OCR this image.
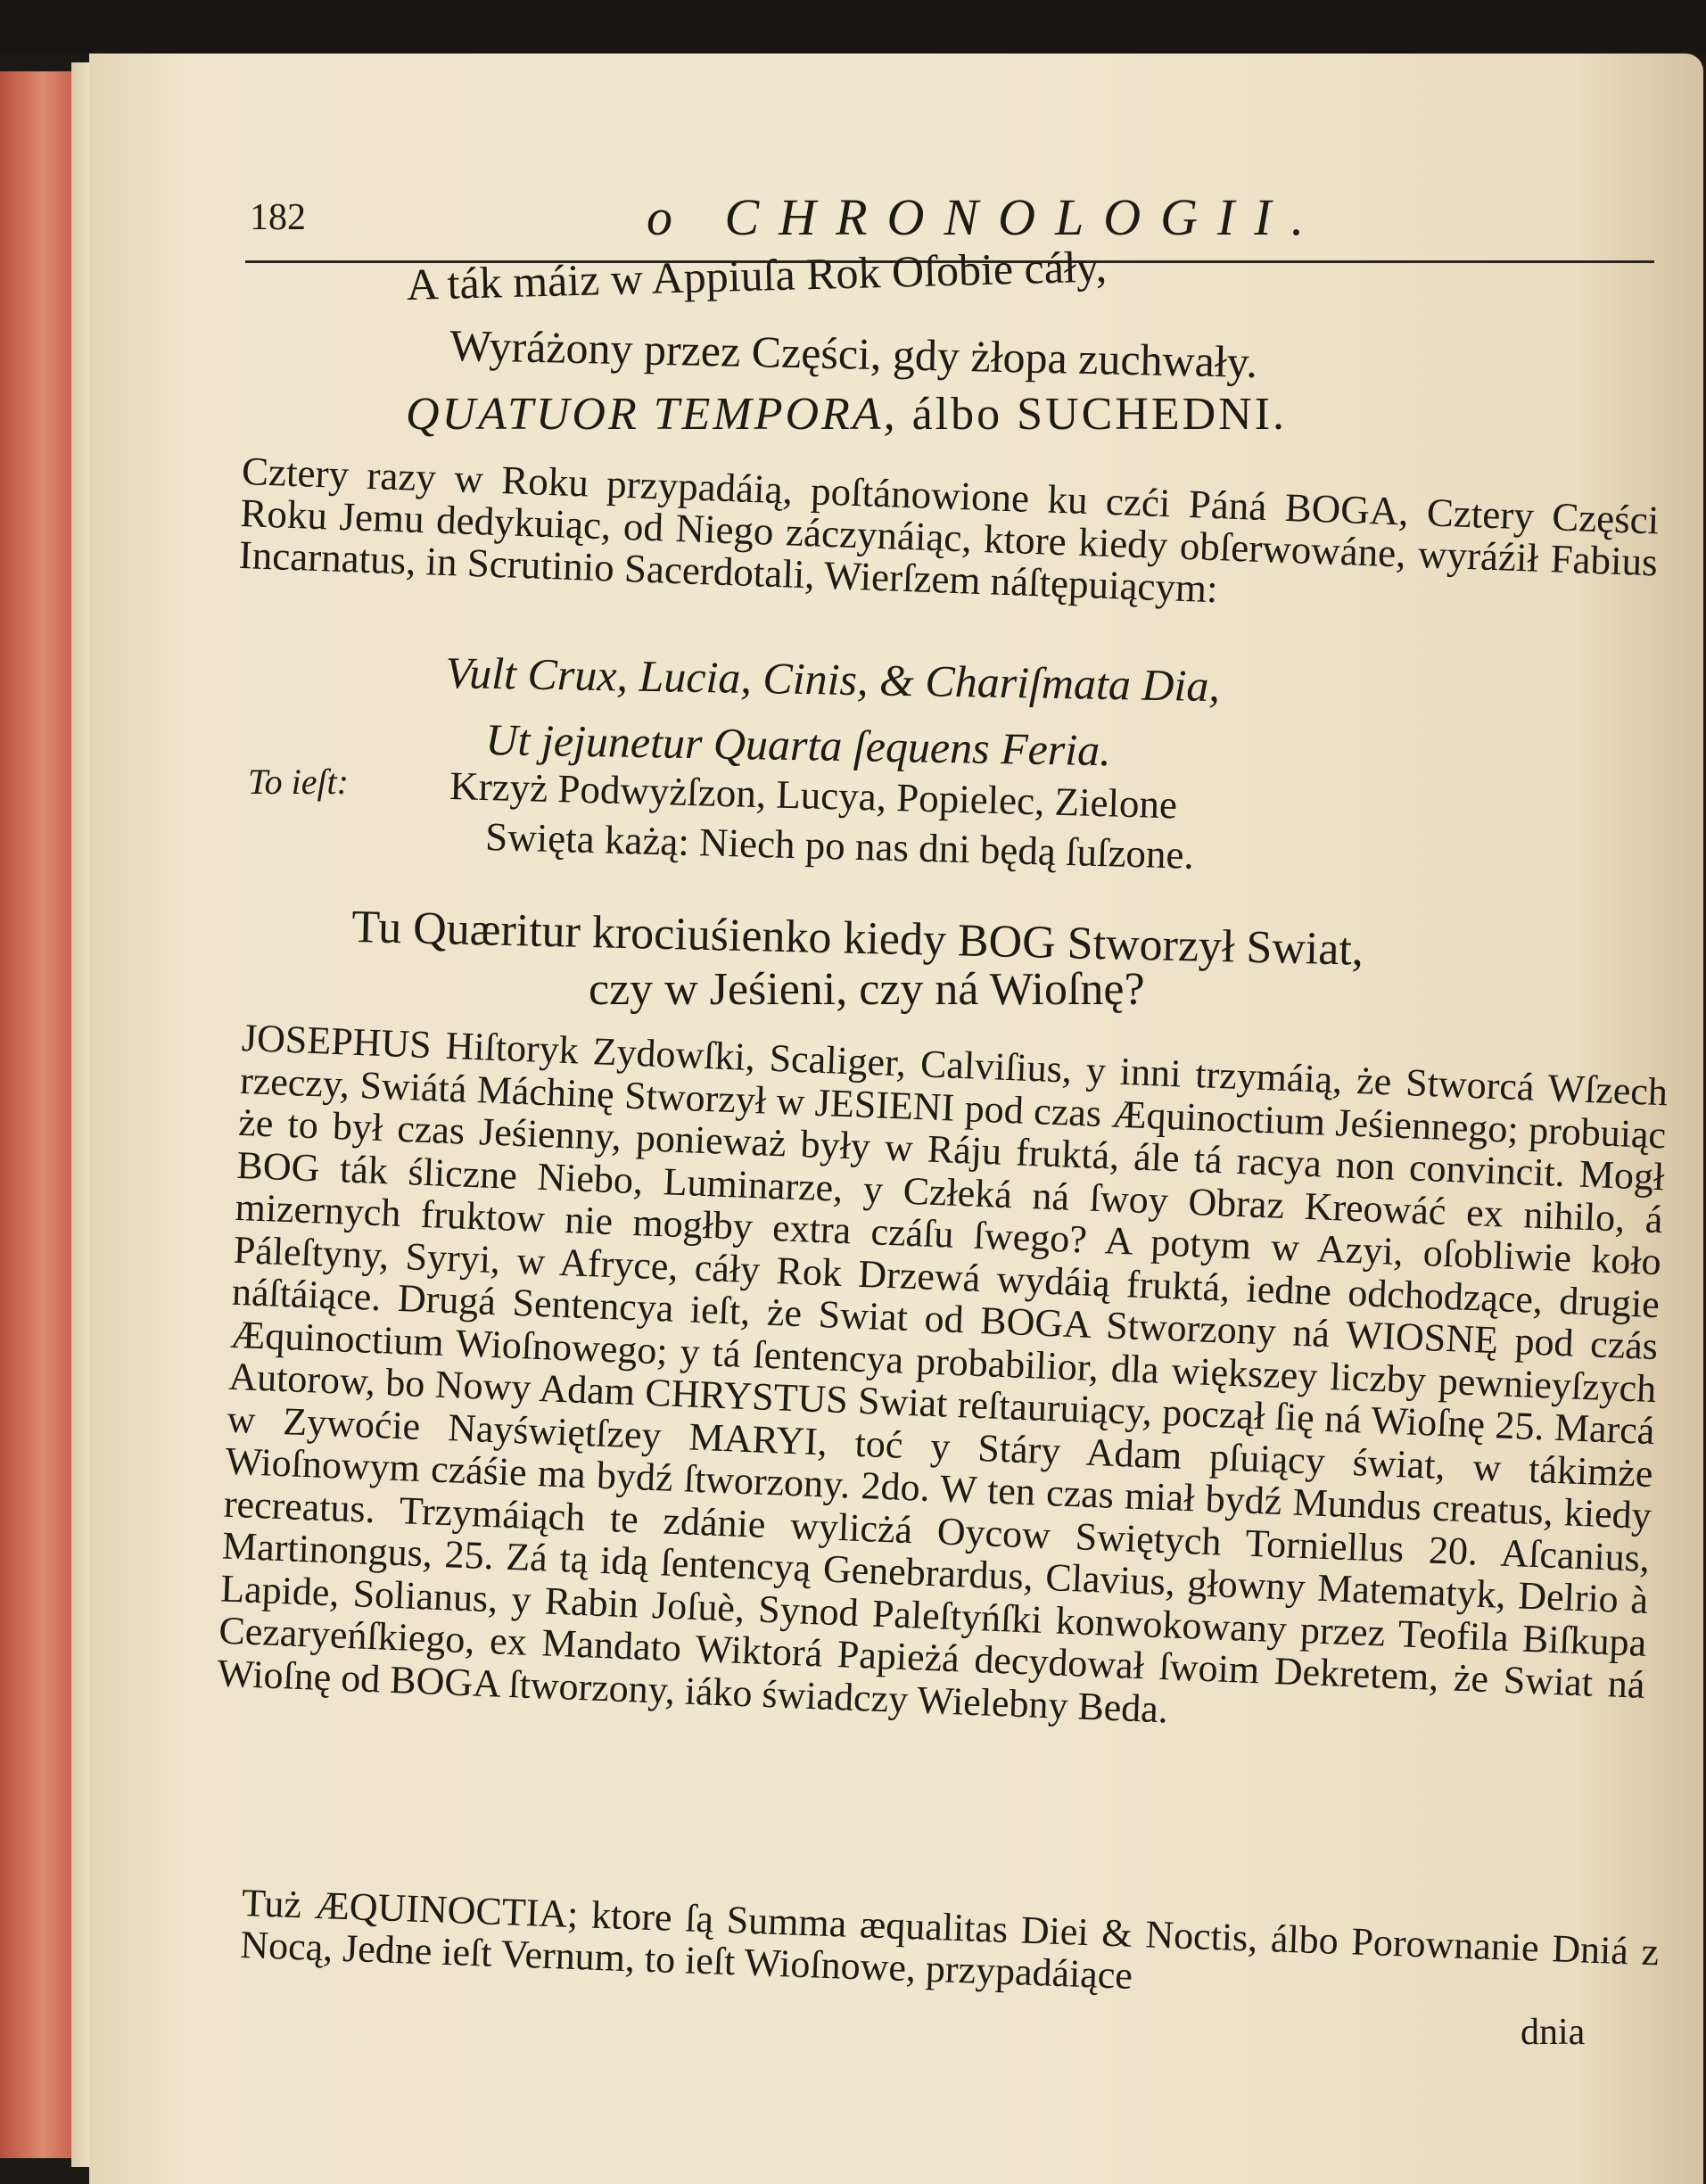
182	o CHRONOLOGII.
A ták máiz w Appiuſa Rok Oſobie cáły,
Wyráżony przez Części, gdy żłopa zuchwały.
QUATUOR TEMPORA, álbo SUCHEDNI.
Cztery razy w Roku przypadáią, poſtánowione ku czći Páná BOGA, Cztery Części Roku Jemu dedykuiąc, od Niego záczynáiąc, ktore kiedy obſerwowáne, wyráźił Fabius Incarnatus, in Scrutinio Sacerdotali, Wierſzem náſtępuiącym:
Vult Crux, Lucia, Cinis, & Chariſmata Dia,
Ut jejunetur Quarta ſequens Feria.
To ieſt:	Krzyż Podwyżſzon, Lucya, Popielec, Zielone
Swięta każą: Niech po nas dni będą ſuſzone.
Tu Quæritur krociuśienko kiedy BOG Stworzył Swiat,
czy w Jeśieni, czy ná Wioſnę?
JOSEPHUS Hiſtoryk Zydowſki, Scaliger, Calviſius, y inni trzymáią, że Stworcá Wſzech rzeczy, Swiátá Máchinę Stworzył w JESIENI pod czas Æquinoctium Jeśiennego; probuiąc że to był czas Jeśienny, ponieważ były w Ráju fruktá, ále tá racya non convincit. Mogł BOG ták śliczne Niebo, Luminarze, y Człeká ná ſwoy Obraz Kreowáć ex nihilo, á mizernych fruktow nie mogłby extra czáſu ſwego? A potym w Azyi, oſobliwie koło Páleſtyny, Syryi, w Afryce, cáły Rok Drzewá wydáią fruktá, iedne odchodzące, drugie náſtáiące. Drugá Sentencya ieſt, że Swiat od BOGA Stworzony ná WIOSNĘ pod czás Æquinoctium Wioſnowego; y tá ſentencya probabilior, dla większey liczby pewnieyſzych Autorow, bo Nowy Adam CHRYSTUS Swiat reſtauruiący, począł ſię ná Wioſnę 25. Marcá w Zywoćie Nayświętſzey MARYI, toć y Stáry Adam pſuiący świat, w tákimże Wioſnowym czáśie ma bydź ſtworzony. 2do. W ten czas miał bydź Mundus creatus, kiedy recreatus. Trzymáiąch te zdánie wylicżá Oycow Swiętych Torniellus 20. Aſcanius, Martinongus, 25. Zá tą idą ſentencyą Genebrardus, Clavius, głowny Matematyk, Delrio à Lapide, Solianus, y Rabin Joſuè, Synod Paleſtyńſki konwokowany przez Teofila Biſkupa Cezaryeńſkiego, ex Mandato Wiktorá Papieżá decydował ſwoim Dekretem, że Swiat ná Wioſnę od BOGA ſtworzony, iáko świadczy Wielebny Beda.
Tuż ÆQUINOCTIA; ktore ſą Summa æqualitas Diei & Noctis, álbo Porownanie Dniá z Nocą, Jedne ieſt Vernum, to ieſt Wioſnowe, przypadáiące
dnia
